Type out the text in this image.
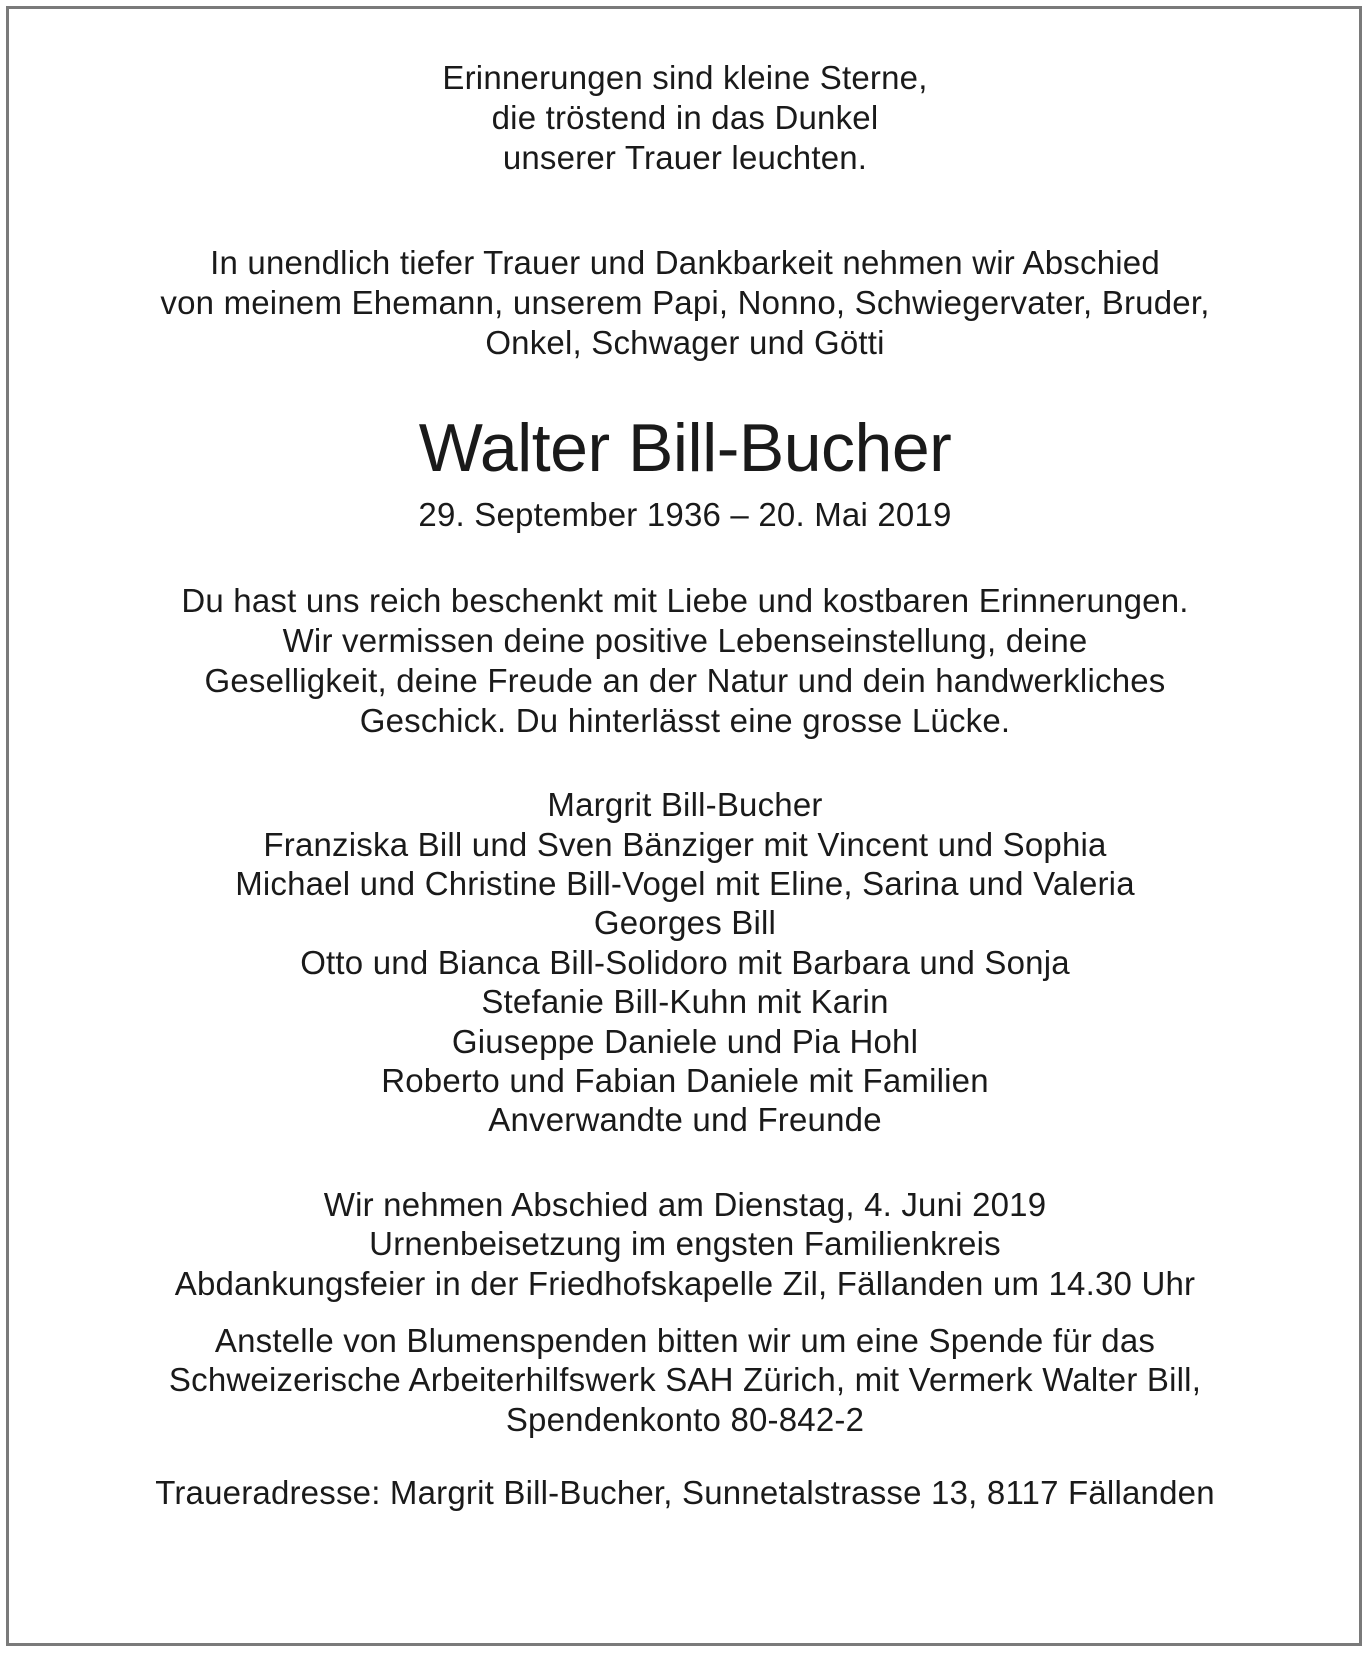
Erinnerungen sind kleine Sterne,
die tröstend in das Dunkel
unserer Trauer leuchten.
In unendlich tiefer Trauer und Dankbarkeit nehmen wir Abschied
von meinem Ehemann, unserem Papi, Nonno, Schwiegervater, Bruder,
Onkel, Schwager und Götti
Walter Bill-Bucher
29. September 1936 – 20. Mai 2019
Du hast uns reich beschenkt mit Liebe und kostbaren Erinnerungen.
Wir vermissen deine positive Lebenseinstellung, deine
Geselligkeit, deine Freude an der Natur und dein handwerkliches
Geschick. Du hinterlässt eine grosse Lücke.
Margrit Bill-Bucher
Franziska Bill und Sven Bänziger mit Vincent und Sophia
Michael und Christine Bill-Vogel mit Eline, Sarina und Valeria
Georges Bill
Otto und Bianca Bill-Solidoro mit Barbara und Sonja
Stefanie Bill-Kuhn mit Karin
Giuseppe Daniele und Pia Hohl
Roberto und Fabian Daniele mit Familien
Anverwandte und Freunde
Wir nehmen Abschied am Dienstag, 4. Juni 2019
Urnenbeisetzung im engsten Familienkreis
Abdankungsfeier in der Friedhofskapelle Zil, Fällanden um 14.30 Uhr
Anstelle von Blumenspenden bitten wir um eine Spende für das
Schweizerische Arbeiterhilfswerk SAH Zürich, mit Vermerk Walter Bill,
Spendenkonto 80-842-2
Traueradresse: Margrit Bill-Bucher, Sunnetalstrasse 13, 8117 Fällanden
